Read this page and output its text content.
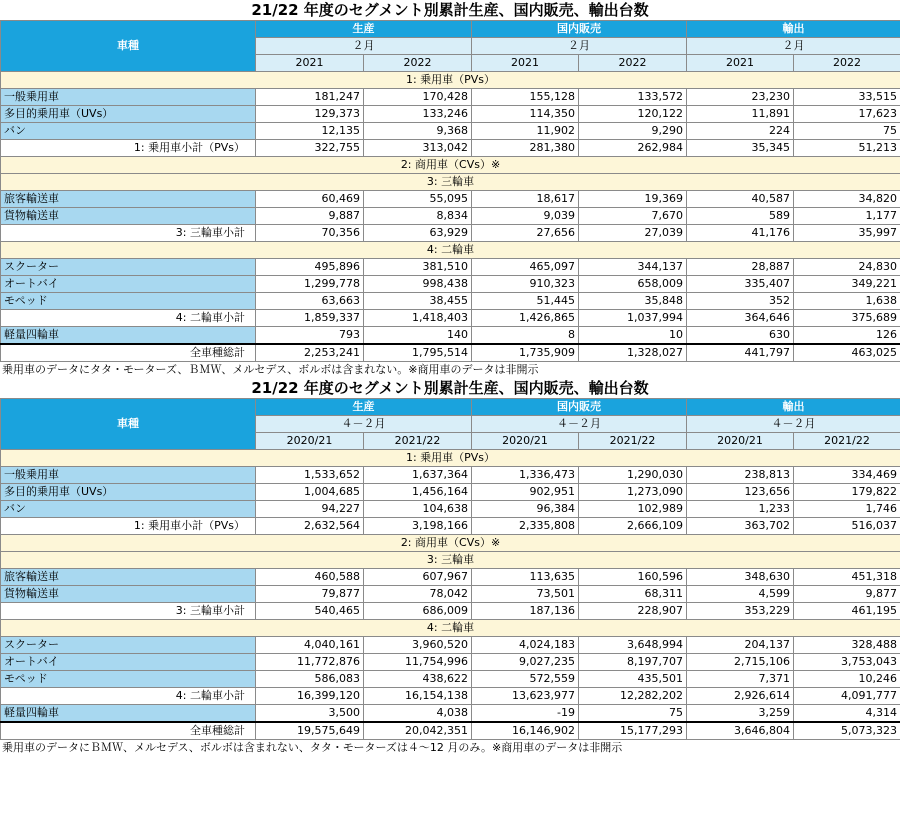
21/22 年度のセグメント別累計生産、国内販売、輸出台数
車種	生産		国内販売		輸出	
	２月		２月		２月	
	2021	2022	2021	2022	2021	2022
1: 乗用車（PVs）						
一般乗用車	181,247	170,428	155,128	133,572	23,230	33,515
多目的乗用車（UVs）	129,373	133,246	114,350	120,122	11,891	17,623
バン	12,135	9,368	11,902	9,290	224	75
1: 乗用車小計（PVs）	322,755	313,042	281,380	262,984	35,345	51,213
2: 商用車（CVs）※						
3: 三輪車						
旅客輸送車	60,469	55,095	18,617	19,369	40,587	34,820
貨物輸送車	9,887	8,834	9,039	7,670	589	1,177
3: 三輪車小計	70,356	63,929	27,656	27,039	41,176	35,997
4: 二輪車						
スクーター	495,896	381,510	465,097	344,137	28,887	24,830
オートバイ	1,299,778	998,438	910,323	658,009	335,407	349,221
モペッド	63,663	38,455	51,445	35,848	352	1,638
4: 二輪車小計	1,859,337	1,418,403	1,426,865	1,037,994	364,646	375,689
軽量四輪車	793	140	8	10	630	126
全車種総計	2,253,241	1,795,514	1,735,909	1,328,027	441,797	463,025
乗用車のデータにタタ・モーターズ、ＢＭＷ、メルセデス、ボルボは含まれない。※商用車のデータは非開示
21/22 年度のセグメント別累計生産、国内販売、輸出台数
車種	生産		国内販売		輸出	
	４－２月		４－２月		４－２月	
	2020/21	2021/22	2020/21	2021/22	2020/21	2021/22
1: 乗用車（PVs）						
一般乗用車	1,533,652	1,637,364	1,336,473	1,290,030	238,813	334,469
多目的乗用車（UVs）	1,004,685	1,456,164	902,951	1,273,090	123,656	179,822
バン	94,227	104,638	96,384	102,989	1,233	1,746
1: 乗用車小計（PVs）	2,632,564	3,198,166	2,335,808	2,666,109	363,702	516,037
2: 商用車（CVs）※						
3: 三輪車						
旅客輸送車	460,588	607,967	113,635	160,596	348,630	451,318
貨物輸送車	79,877	78,042	73,501	68,311	4,599	9,877
3: 三輪車小計	540,465	686,009	187,136	228,907	353,229	461,195
4: 二輪車						
スクーター	4,040,161	3,960,520	4,024,183	3,648,994	204,137	328,488
オートバイ	11,772,876	11,754,996	9,027,235	8,197,707	2,715,106	3,753,043
モペッド	586,083	438,622	572,559	435,501	7,371	10,246
4: 二輪車小計	16,399,120	16,154,138	13,623,977	12,282,202	2,926,614	4,091,777
軽量四輪車	3,500	4,038	-19	75	3,259	4,314
全車種総計	19,575,649	20,042,351	16,146,902	15,177,293	3,646,804	5,073,323
乗用車のデータにＢＭＷ、メルセデス、ボルボは含まれない、タタ・モーターズは４～12 月のみ。※商用車のデータは非開示
